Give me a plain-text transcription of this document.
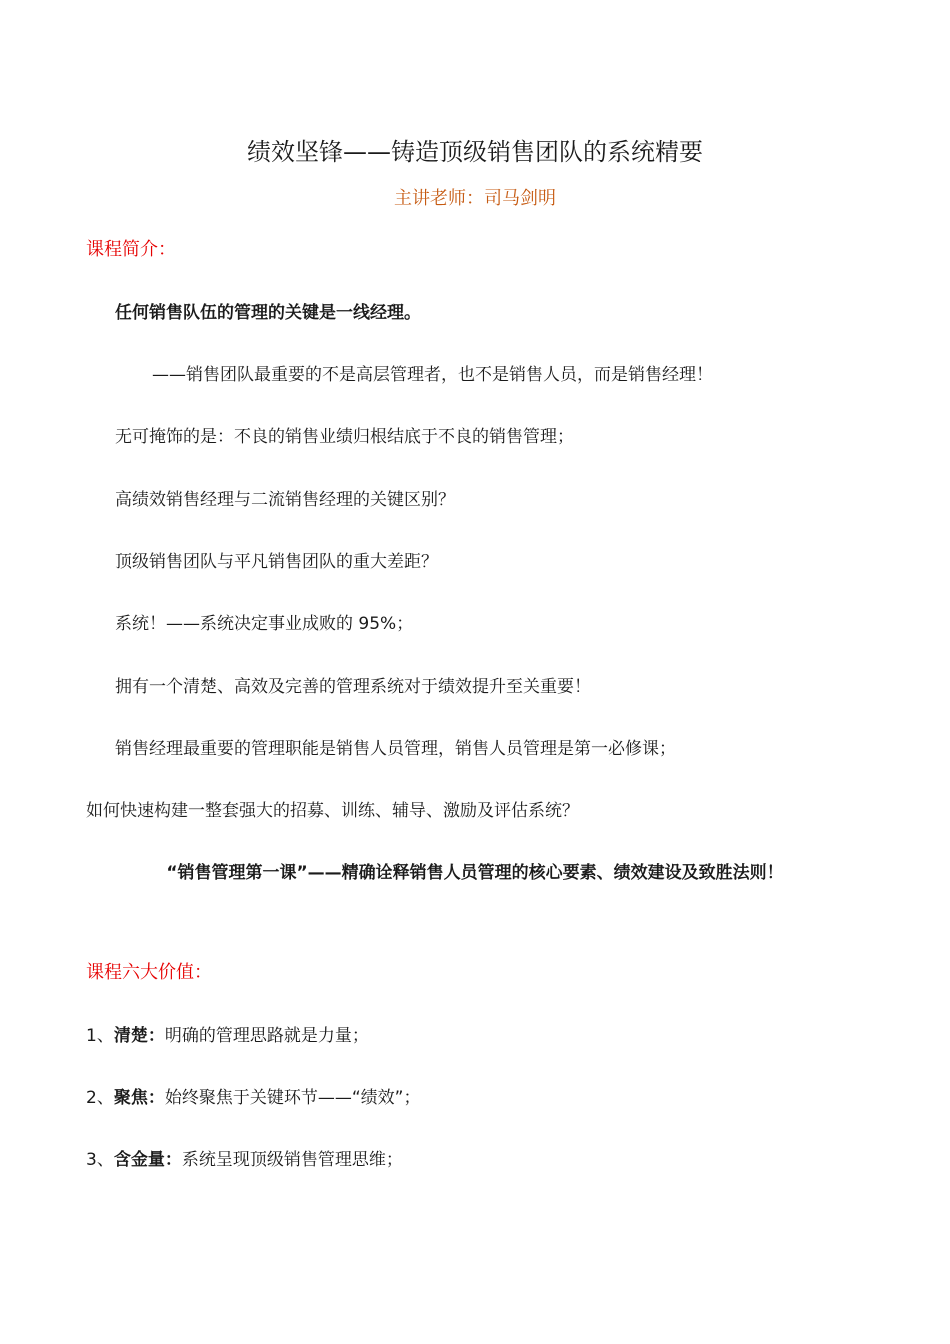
绩效坚锋——铸造顶级销售团队的系统精要
主讲老师：司马剑明
课程简介：
任何销售队伍的管理的关键是一线经理。
——销售团队最重要的不是高层管理者，也不是销售人员，而是销售经理！
无可掩饰的是：不良的销售业绩归根结底于不良的销售管理；
高绩效销售经理与二流销售经理的关键区别？
顶级销售团队与平凡销售团队的重大差距？
系统！——系统决定事业成败的 95%；
拥有一个清楚、高效及完善的管理系统对于绩效提升至关重要！
销售经理最重要的管理职能是销售人员管理，销售人员管理是第一必修课；
如何快速构建一整套强大的招募、训练、辅导、激励及评估系统？
“销售管理第一课”——精确诠释销售人员管理的核心要素、绩效建设及致胜法则！
课程六大价值：
1、清楚：明确的管理思路就是力量；
2、聚焦：始终聚焦于关键环节——“绩效”；
3、含金量：系统呈现顶级销售管理思维；
